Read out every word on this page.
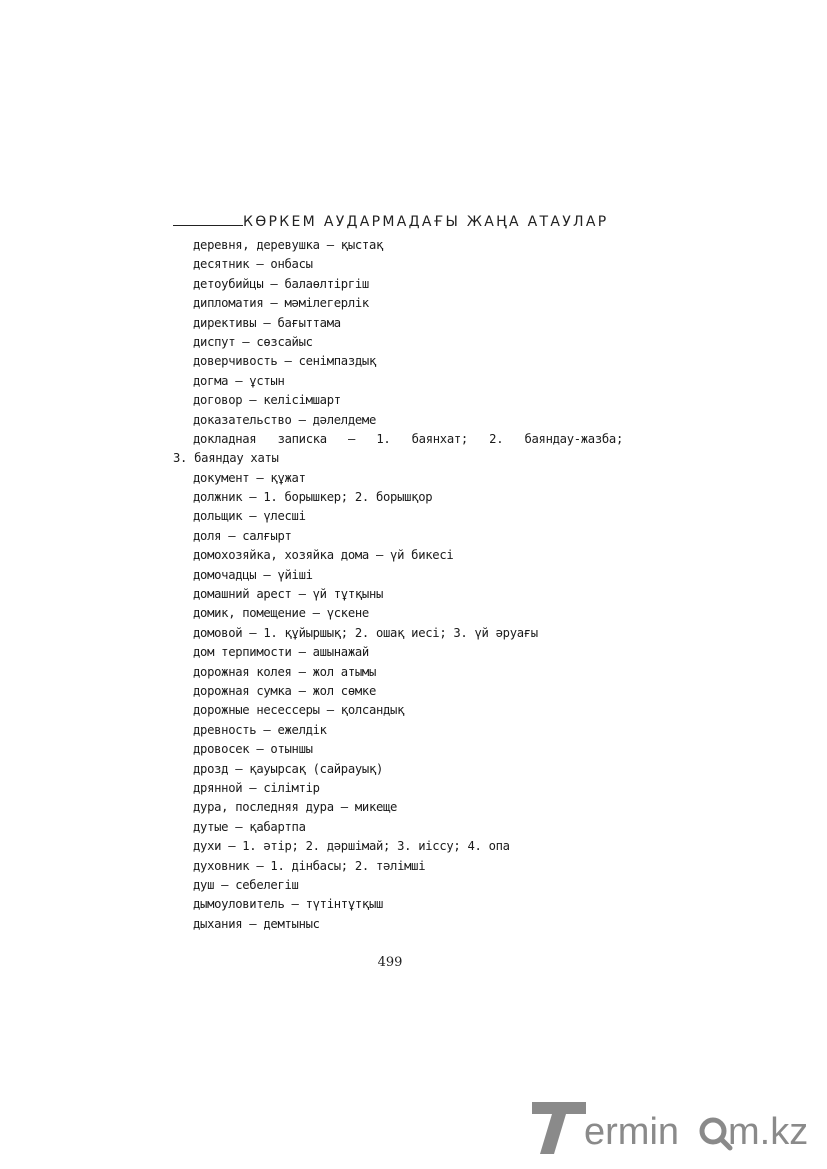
КӨРКЕМ АУДАРМАДАҒЫ ЖАҢА АТАУЛАР
деревня, деревушка – қыстақ
десятник – онбасы
детоубийцы – балаөлтіргіш
дипломатия – мәмілегерлік
директивы – бағыттама
диспут – сөзсайыс
доверчивость – сенімпаздық
догма – ұстын
договор – келісімшарт
доказательство – дәлелдеме
докладная записка – 1. баянхат; 2. баяндау-жазба;
3. баяндау хаты
документ – құжат
должник – 1. борышкер; 2. борышқор
дольщик – үлесші
доля – салғырт
домохозяйка, хозяйка дома – үй бикесі
домочадцы – үйіші
домашний арест – үй тұтқыны
домик, помещение – үскене
домовой – 1. құйыршық; 2. ошақ иесі; 3. үй әруағы
дом терпимости – ашынажай
дорожная колея – жол атымы
дорожная сумка – жол сөмке
дорожные несессеры – қолсандық
древность – ежелдік
дровосек – отыншы
дрозд – қауырсақ (сайрауық)
дрянной – сілімтір
дура, последняя дура – микеще
дутые – қабартпа
духи – 1. әтір; 2. дәршімай; 3. иіссу; 4. опа
духовник – 1. дінбасы; 2. тәлімші
душ – себелегіш
дымоуловитель – түтінтұтқыш
дыхания – демтыныс
499
ermin m.kz
